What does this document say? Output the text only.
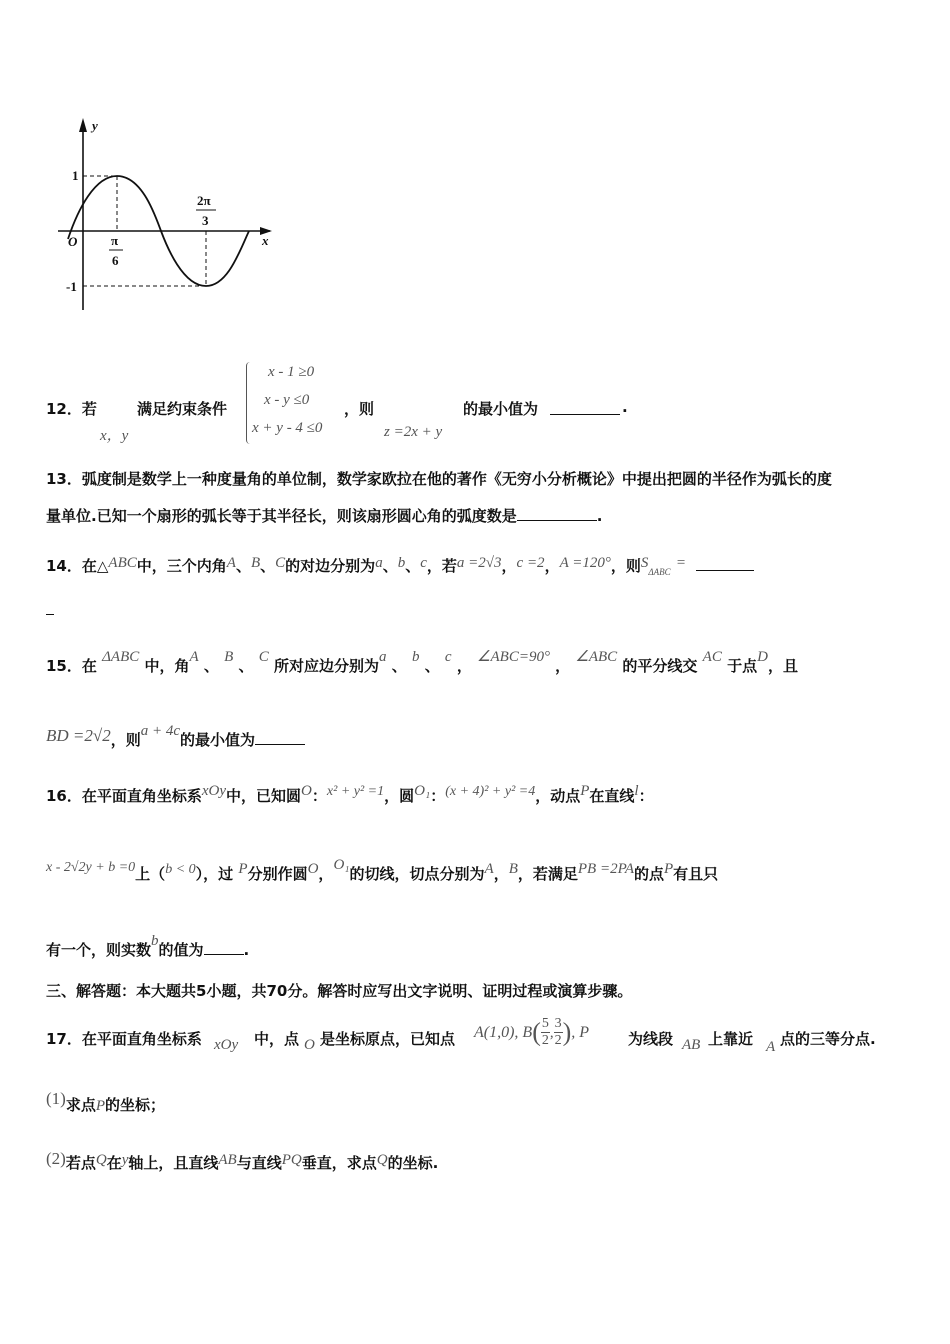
y
x
O
1
-1
π
6
2π
3
12．若
x，y
满足约束条件
x - 1 ≥0
x - y ≤0
x + y - 4 ≤0
，则
z =2x + y
的最小值为	.
13．弧度制是数学上一种度量角的单位制，数学家欧拉在他的著作《无穷小分析概论》中提出把圆的半径作为弧长的度
量单位.已知一个扇形的弧长等于其半径长，则该扇形圆心角的弧度数是	.
14．在△ABC中，三个内角A、B、C的对边分别为a、b、c，若a =2√3，c =2，A =120°，则$S_{\Delta ABC}$ =
15．在 ΔABC 中，角A 、 B 、 C 所对应边分别为a 、 b 、 c ， ∠ABC=90° ， ∠ABC 的平分线交 AC 于点D，且
BD =2√2，则a + 4c的最小值为
16．在平面直角坐标系xOy中，已知圆O：x² + y² =1，圆O₁：(x + 4)² + y² =4，动点P在直线l：
x - 2√2y + b =0上（b < 0），过 P分别作圆O，O₁的切线，切点分别为A，B，若满足PB =2PA的点P有且只
有一个，则实数b的值为	.
三、解答题：本大题共5小题，共70分。解答时应写出文字说明、证明过程或演算步骤。
17．在平面直角坐标系 xOy 中，点 O 是坐标原点，已知点 A(1,0), $B( \frac{5}{2}$ , $\frac{3}{2}$ ), P	为线段 AB 上靠近 A 点的三等分点.
(1)求点P的坐标；
(2)若点Q在y轴上，且直线AB与直线PQ垂直，求点Q的坐标.
